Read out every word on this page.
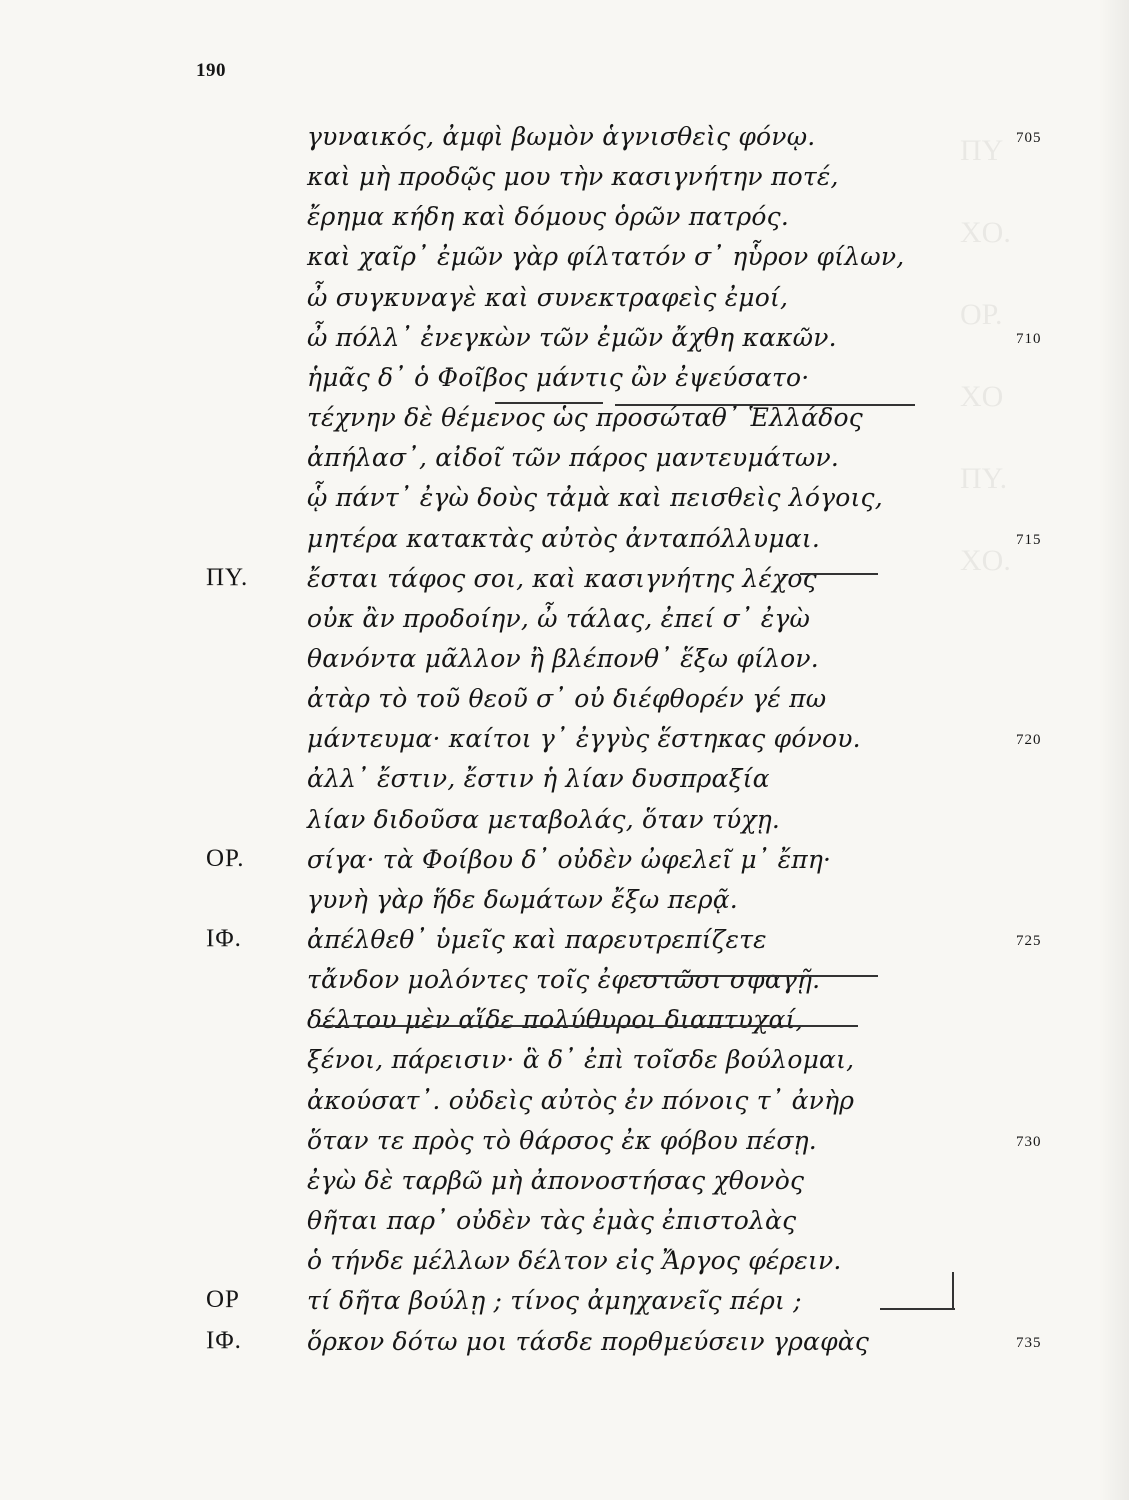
ΠΥ
ΧΟ.
ΟΡ.
ΧΟ
ΠΥ.
ΧΟ.
190
γυναικός, ἀμφὶ βωμὸν ἁγνισθεὶς φόνῳ.	705
καὶ μὴ προδῷς μου τὴν κασιγνήτην ποτέ,
ἔρημα κήδη καὶ δόμους ὁρῶν πατρός.
καὶ χαῖρ᾽ ἐμῶν γὰρ φίλτατόν σ᾽ ηὗρον φίλων,
ὦ συγκυναγὲ καὶ συνεκτραφεὶς ἐμοί,
ὦ πόλλ᾽ ἐνεγκὼν τῶν ἐμῶν ἄχθη κακῶν.	710
ἡμᾶς δ᾽ ὁ Φοῖβος μάντις ὢν ἐψεύσατο·
τέχνην δὲ θέμενος ὡς προσώταθ᾽ Ἑλλάδος
ἀπήλασ᾽, αἰδοῖ τῶν πάρος μαντευμάτων.
ᾧ πάντ᾽ ἐγὼ δοὺς τἀμὰ καὶ πεισθεὶς λόγοις,
μητέρα κατακτὰς αὐτὸς ἀνταπόλλυμαι.	715
ΠΥ. ἔσται τάφος σοι, καὶ κασιγνήτης λέχος
οὐκ ἂν προδοίην, ὦ τάλας, ἐπεί σ᾽ ἐγὼ
θανόντα μᾶλλον ἢ βλέπονθ᾽ ἕξω φίλον.
ἀτὰρ τὸ τοῦ θεοῦ σ᾽ οὐ διέφθορέν γέ πω
μάντευμα· καίτοι γ᾽ ἐγγὺς ἕστηκας φόνου.	720
ἀλλ᾽ ἔστιν, ἔστιν ἡ λίαν δυσπραξία
λίαν διδοῦσα μεταβολάς, ὅταν τύχῃ.
ΟΡ.	σίγα· τὰ Φοίβου δ᾽ οὐδὲν ὠφελεῖ μ᾽ ἔπη·
γυνὴ γὰρ ἥδε δωμάτων ἔξω περᾷ.
ΙΦ.	ἀπέλθεθ᾽ ὑμεῖς καὶ παρευτρεπίζετε	725
τἄνδον μολόντες τοῖς ἐφεστῶσι σφαγῇ.
δέλτου μὲν αἵδε πολύθυροι διαπτυχαί,
ξένοι, πάρεισιν· ἃ δ᾽ ἐπὶ τοῖσδε βούλομαι,
ἀκούσατ᾽. οὐδεὶς αὐτὸς ἐν πόνοις τ᾽ ἀνὴρ
ὅταν τε πρὸς τὸ θάρσος ἐκ φόβου πέσῃ.	730
ἐγὼ δὲ ταρβῶ μὴ ἀπονοστήσας χθονὸς
θῆται παρ᾽ οὐδὲν τὰς ἐμὰς ἐπιστολὰς
ὁ τήνδε μέλλων δέλτον εἰς Ἄργος φέρειν.
ΟΡ	τί δῆτα βούλῃ ; τίνος ἀμηχανεῖς πέρι ;
ΙΦ.	ὅρκον δότω μοι τάσδε πορθμεύσειν γραφὰς	735
